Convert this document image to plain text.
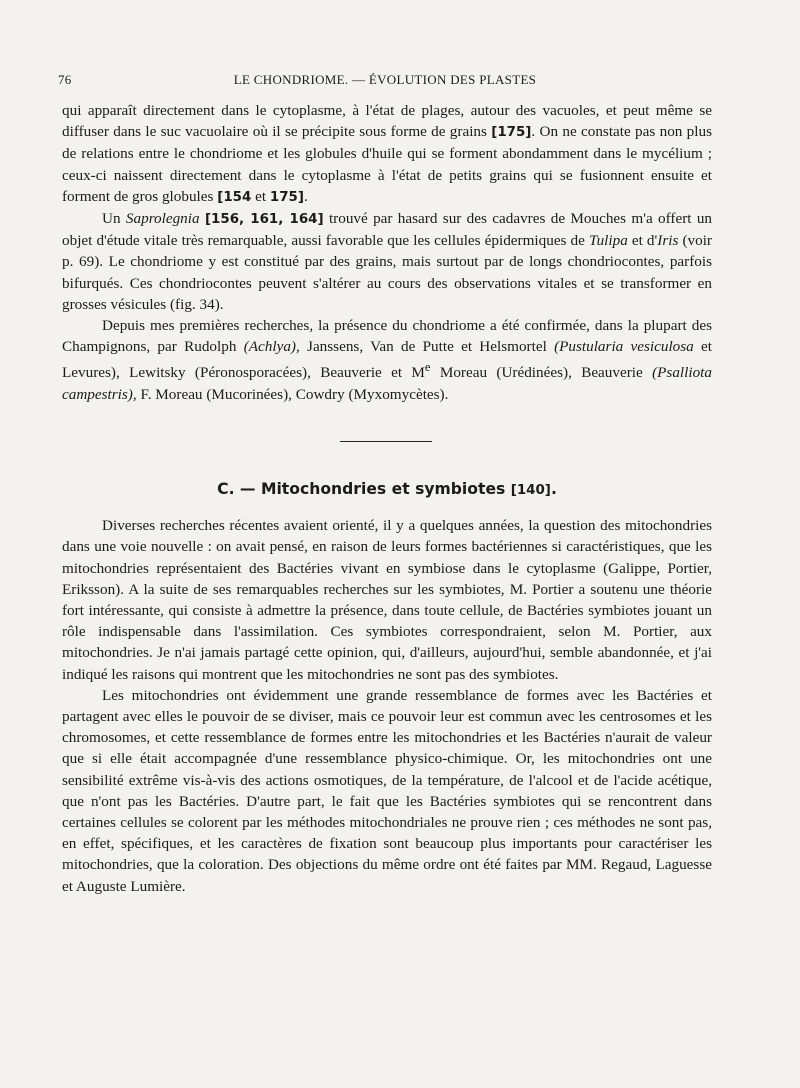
76	LE CHONDRIOME. — ÉVOLUTION DES PLASTES

qui apparaît directement dans le cytoplasme, à l'état de plages, autour des vacuoles, et peut même se diffuser dans le suc vacuolaire où il se précipite sous forme de grains [175]. On ne constate pas non plus de relations entre le chondriome et les globules d'huile qui se forment abondamment dans le mycélium ; ceux-ci naissent directement dans le cytoplasme à l'état de petits grains qui se fusionnent ensuite et forment de gros globules [154 et 175].

Un Saprolegnia [156, 161, 164] trouvé par hasard sur des cadavres de Mouches m'a offert un objet d'étude vitale très remarquable, aussi favorable que les cellules épidermiques de Tulipa et d'Iris (voir p. 69). Le chondriome y est constitué par des grains, mais surtout par de longs chondriocontes, parfois bifurqués. Ces chondriocontes peuvent s'altérer au cours des observations vitales et se transformer en grosses vésicules (fig. 34).

Depuis mes premières recherches, la présence du chondriome a été confirmée, dans la plupart des Champignons, par Rudolph (Achlya), Janssens, Van de Putte et Helsmortel (Pustularia vesiculosa et Levures), Lewitsky (Péronosporacées), Beauverie et Me Moreau (Urédinées), Beauverie (Psalliota campestris), F. Moreau (Mucorinées), Cowdry (Myxomycètes).

C. — Mitochondries et symbiotes [140].

Diverses recherches récentes avaient orienté, il y a quelques années, la question des mitochondries dans une voie nouvelle : on avait pensé, en raison de leurs formes bactériennes si caractéristiques, que les mitochondries représentaient des Bactéries vivant en symbiose dans le cytoplasme (Galippe, Portier, Eriksson). A la suite de ses remarquables recherches sur les symbiotes, M. Portier a soutenu une théorie fort intéressante, qui consiste à admettre la présence, dans toute cellule, de Bactéries symbiotes jouant un rôle indispensable dans l'assimilation. Ces symbiotes correspondraient, selon M. Portier, aux mitochondries. Je n'ai jamais partagé cette opinion, qui, d'ailleurs, aujourd'hui, semble abandonnée, et j'ai indiqué les raisons qui montrent que les mitochondries ne sont pas des symbiotes.

Les mitochondries ont évidemment une grande ressemblance de formes avec les Bactéries et partagent avec elles le pouvoir de se diviser, mais ce pouvoir leur est commun avec les centrosomes et les chromosomes, et cette ressemblance de formes entre les mitochondries et les Bactéries n'aurait de valeur que si elle était accompagnée d'une ressemblance physico-chimique. Or, les mitochondries ont une sensibilité extrême vis-à-vis des actions osmotiques, de la température, de l'alcool et de l'acide acétique, que n'ont pas les Bactéries. D'autre part, le fait que les Bactéries symbiotes qui se rencontrent dans certaines cellules se colorent par les méthodes mitochondriales ne prouve rien ; ces méthodes ne sont pas, en effet, spécifiques, et les caractères de fixation sont beaucoup plus importants pour caractériser les mitochondries, que la coloration. Des objections du même ordre ont été faites par MM. Regaud, Laguesse et Auguste Lumière.
